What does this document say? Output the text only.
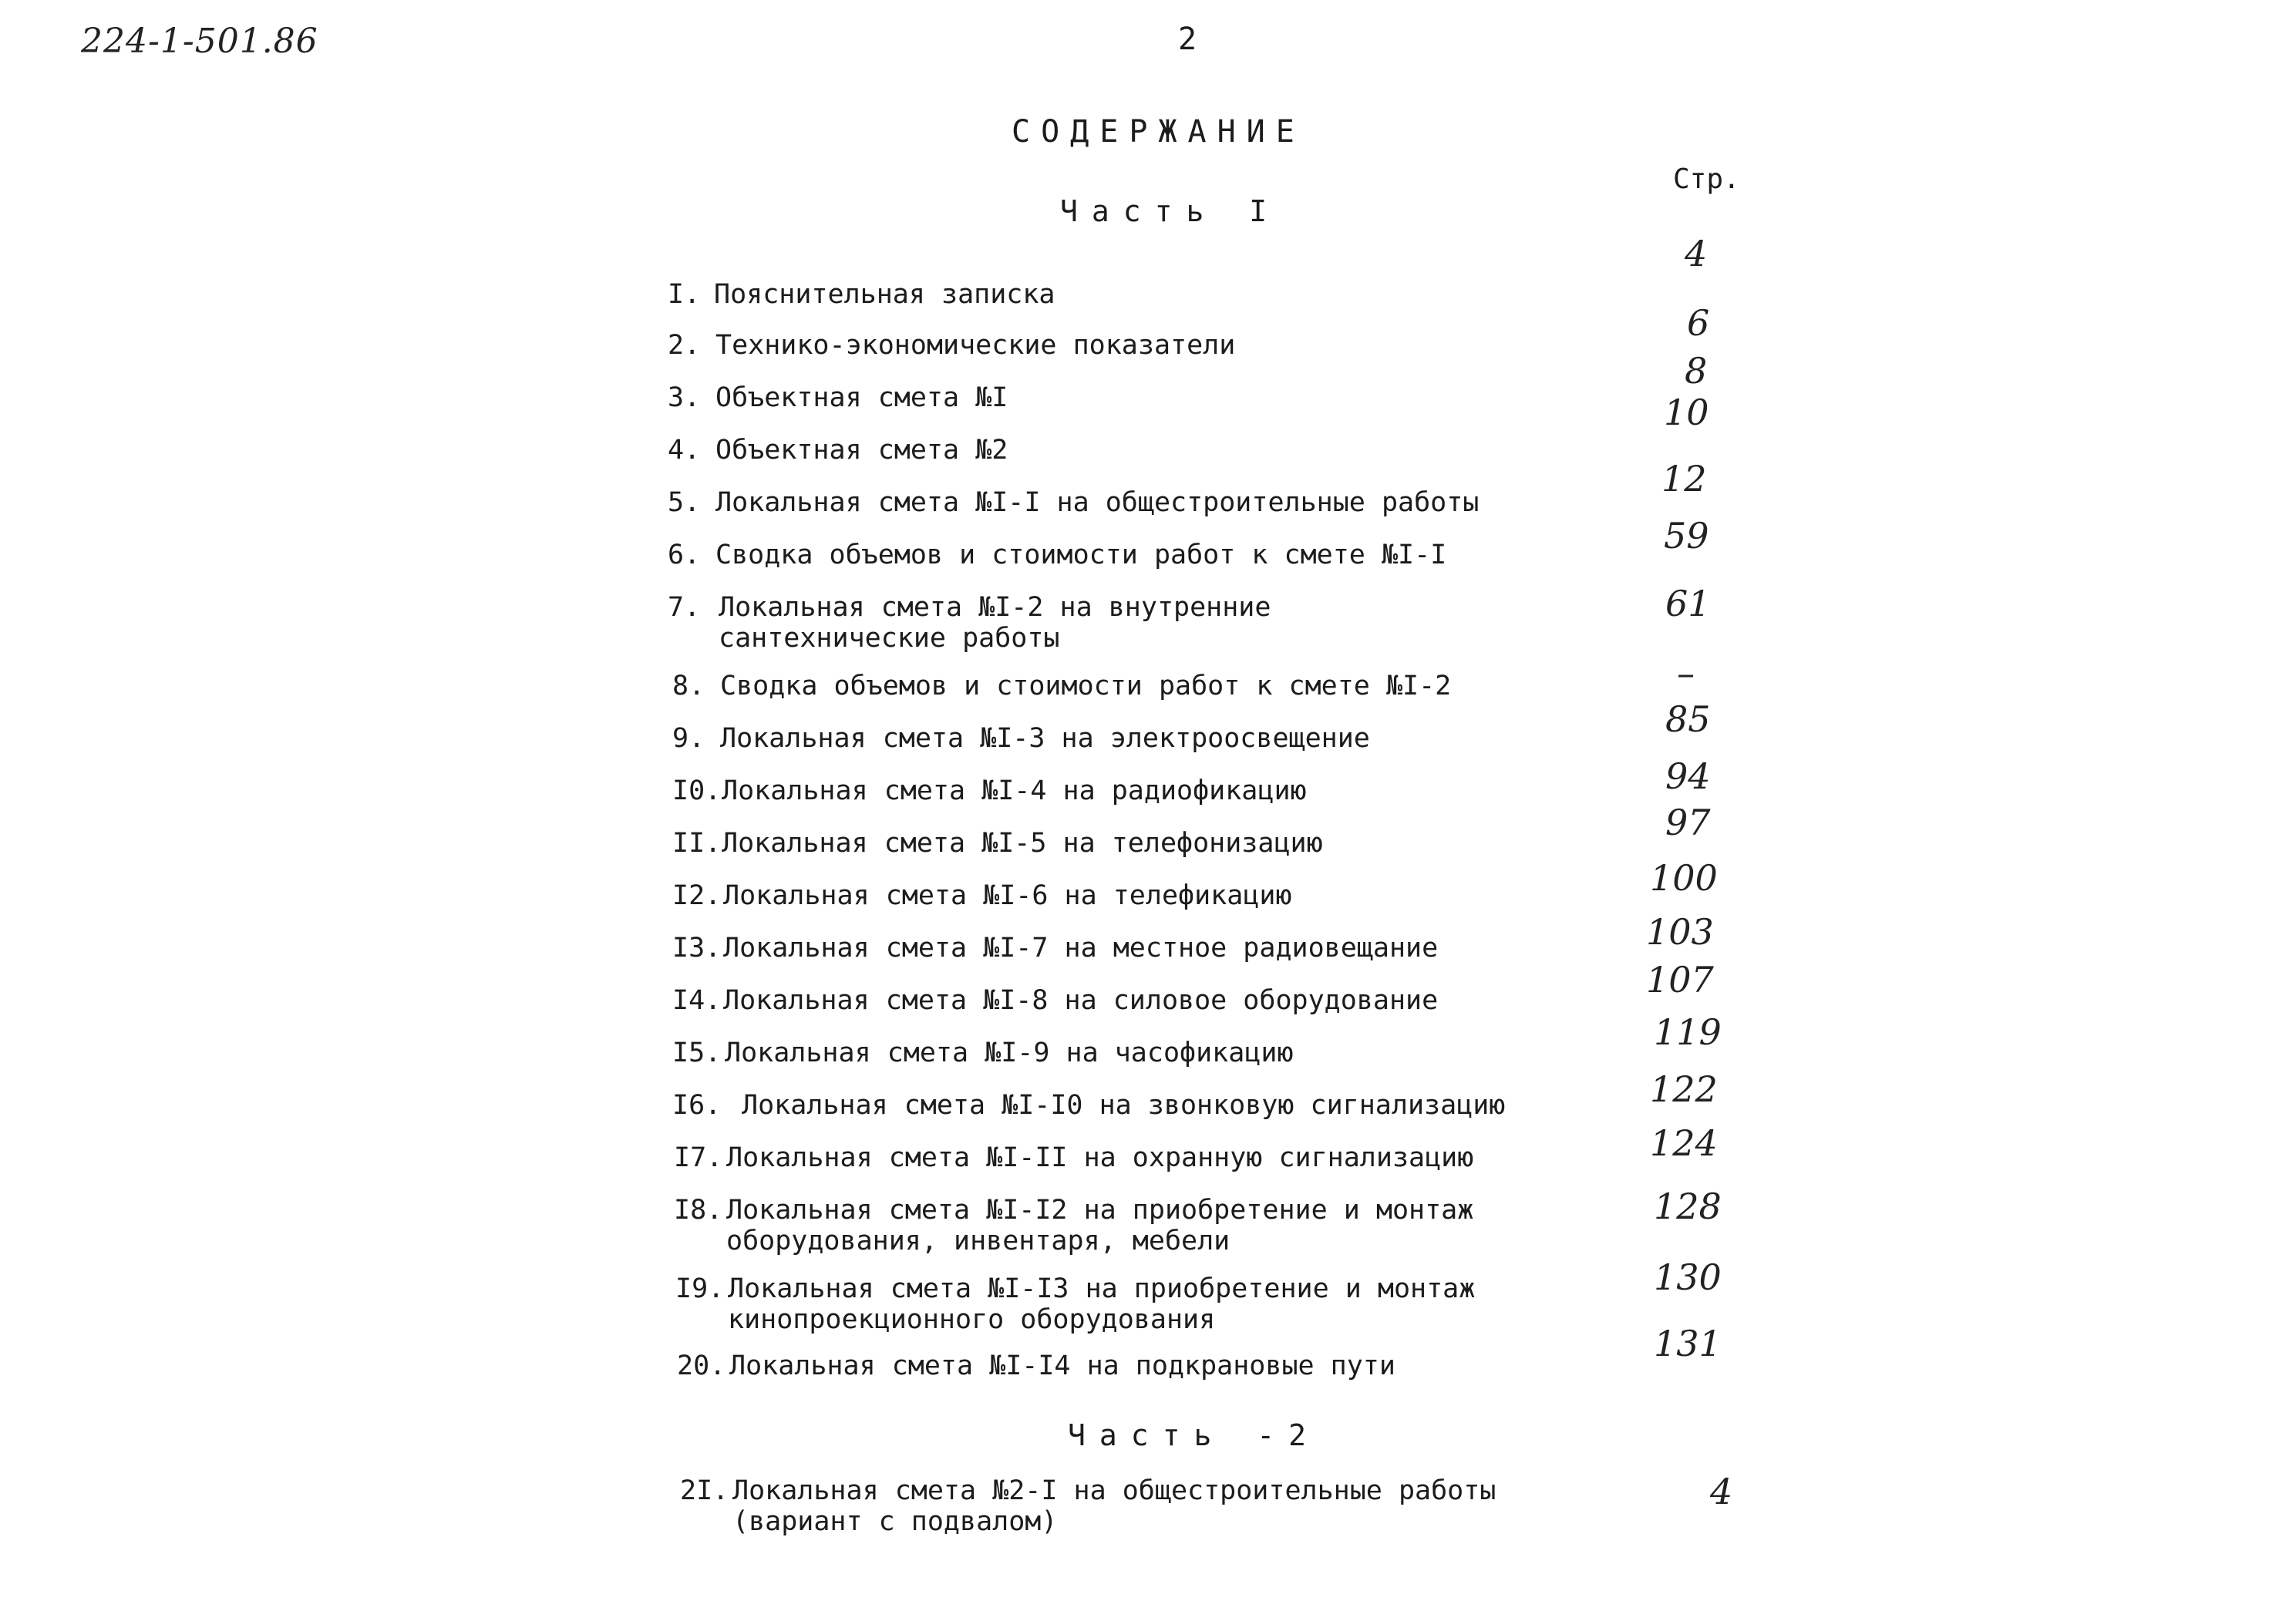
224-1-501.86	2
СОДЕРЖАНИЕ
Часть I
Стр.
I. Пояснительная записка
2. Технико-экономические показатели
3. Объектная смета №I
4. Объектная смета №2
5. Локальная смета №I-I на общестроительные работы
6. Сводка объемов и стоимости работ к смете №I-I
7. Локальная смета №I-2 на внутренние сантехнические работы
8. Сводка объемов и стоимости работ к смете №I-2
9. Локальная смета №I-3 на электроосвещение
I0.Локальная смета №I-4 на радиофикацию
II.Локальная смета №I-5 на телефонизацию
I2.Локальная смета №I-6 на телефикацию
I3.Локальная смета №I-7 на местное радиовещание
I4.Локальная смета №I-8 на силовое оборудование
I5. Локальная смета №I-9 на часофикацию
I6. Локальная смета №I-I0 на звонковую сигнализацию
I7. Локальная смета №I-II на охранную сигнализацию
I8. Локальная смета №I-I2 на приобретение и монтаж оборудования, инвентаря, мебели
I9. Локальная смета №I-I3 на приобретение и монтаж кинопроекционного оборудования
20. Локальная смета №I-I4 на подкрановые пути
4
6
8
10
12
59
61
–
85
94
97
100
103
107
119
122
124
128
130
131
Часть -2
2I. Локальная смета №2-I на общестроительные работы (вариант с подвалом)
4
